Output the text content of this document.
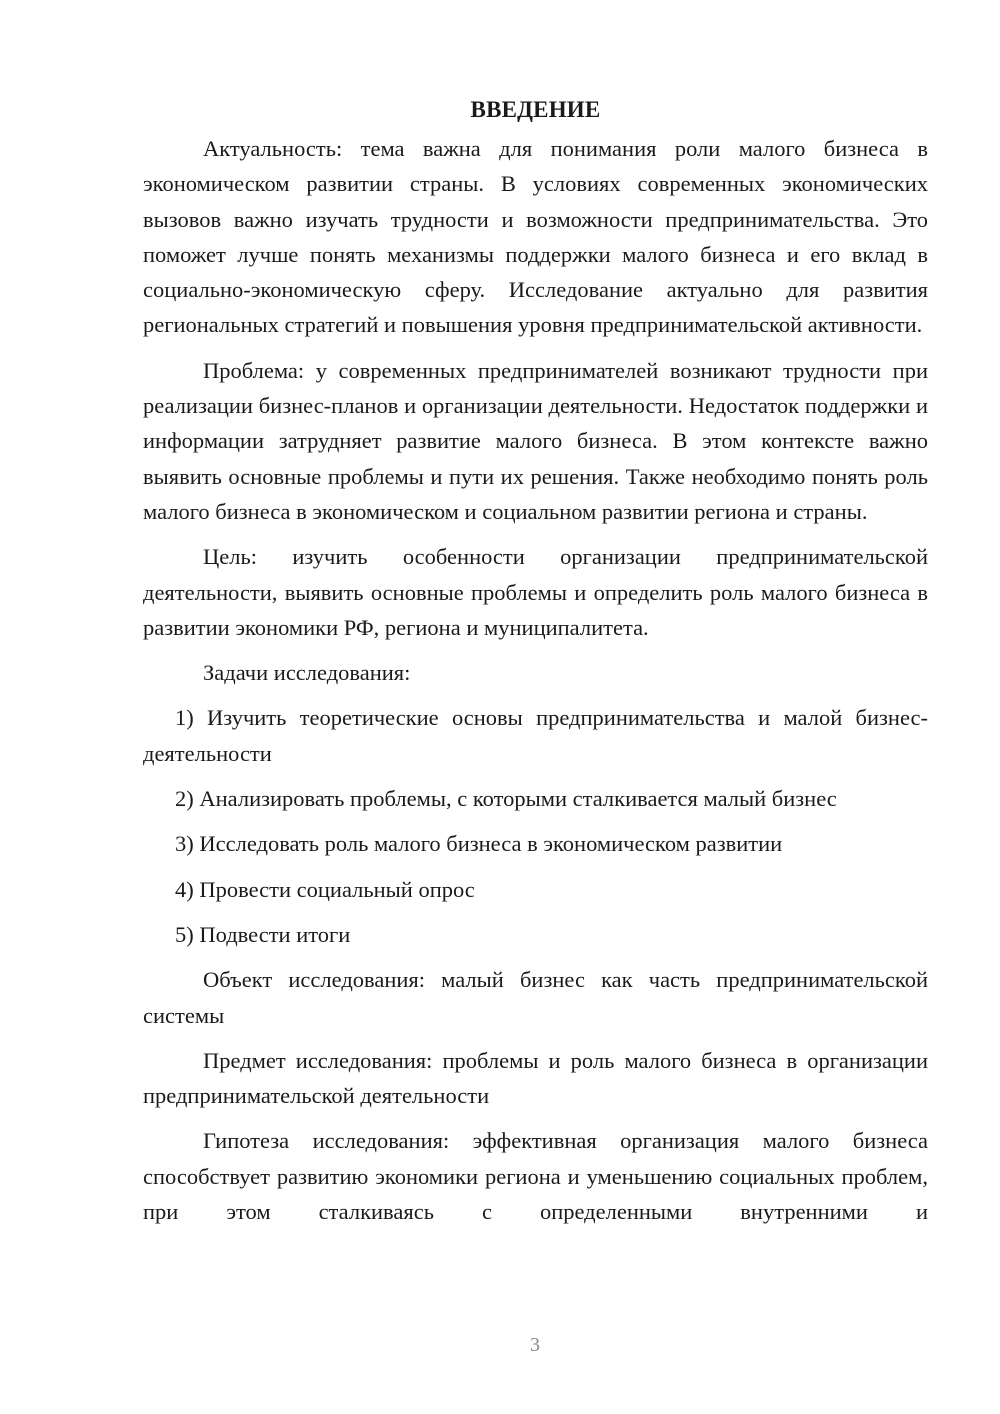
ВВЕДЕНИЕ

Актуальность: тема важна для понимания роли малого бизнеса в экономическом развитии страны. В условиях современных экономических вызовов важно изучать трудности и возможности предпринимательства. Это поможет лучше понять механизмы поддержки малого бизнеса и его вклад в социально-экономическую сферу. Исследование актуально для развития региональных стратегий и повышения уровня предпринимательской активности.

Проблема: у современных предпринимателей возникают трудности при реализации бизнес-планов и организации деятельности. Недостаток поддержки и информации затрудняет развитие малого бизнеса. В этом контексте важно выявить основные проблемы и пути их решения. Также необходимо понять роль малого бизнеса в экономическом и социальном развитии региона и страны.

Цель: изучить особенности организации предпринимательской деятельности, выявить основные проблемы и определить роль малого бизнеса в развитии экономики РФ, региона и муниципалитета.

Задачи исследования:

1) Изучить теоретические основы предпринимательства и малой бизнес-деятельности

2) Анализировать проблемы, с которыми сталкивается малый бизнес

3) Исследовать роль малого бизнеса в экономическом развитии

4) Провести социальный опрос

5) Подвести итоги

Объект исследования: малый бизнес как часть предпринимательской системы

Предмет исследования: проблемы и роль малого бизнеса в организации предпринимательской деятельности

Гипотеза исследования: эффективная организация малого бизнеса способствует развитию экономики региона и уменьшению социальных проблем, при этом сталкиваясь с определенными внутренними и

3
